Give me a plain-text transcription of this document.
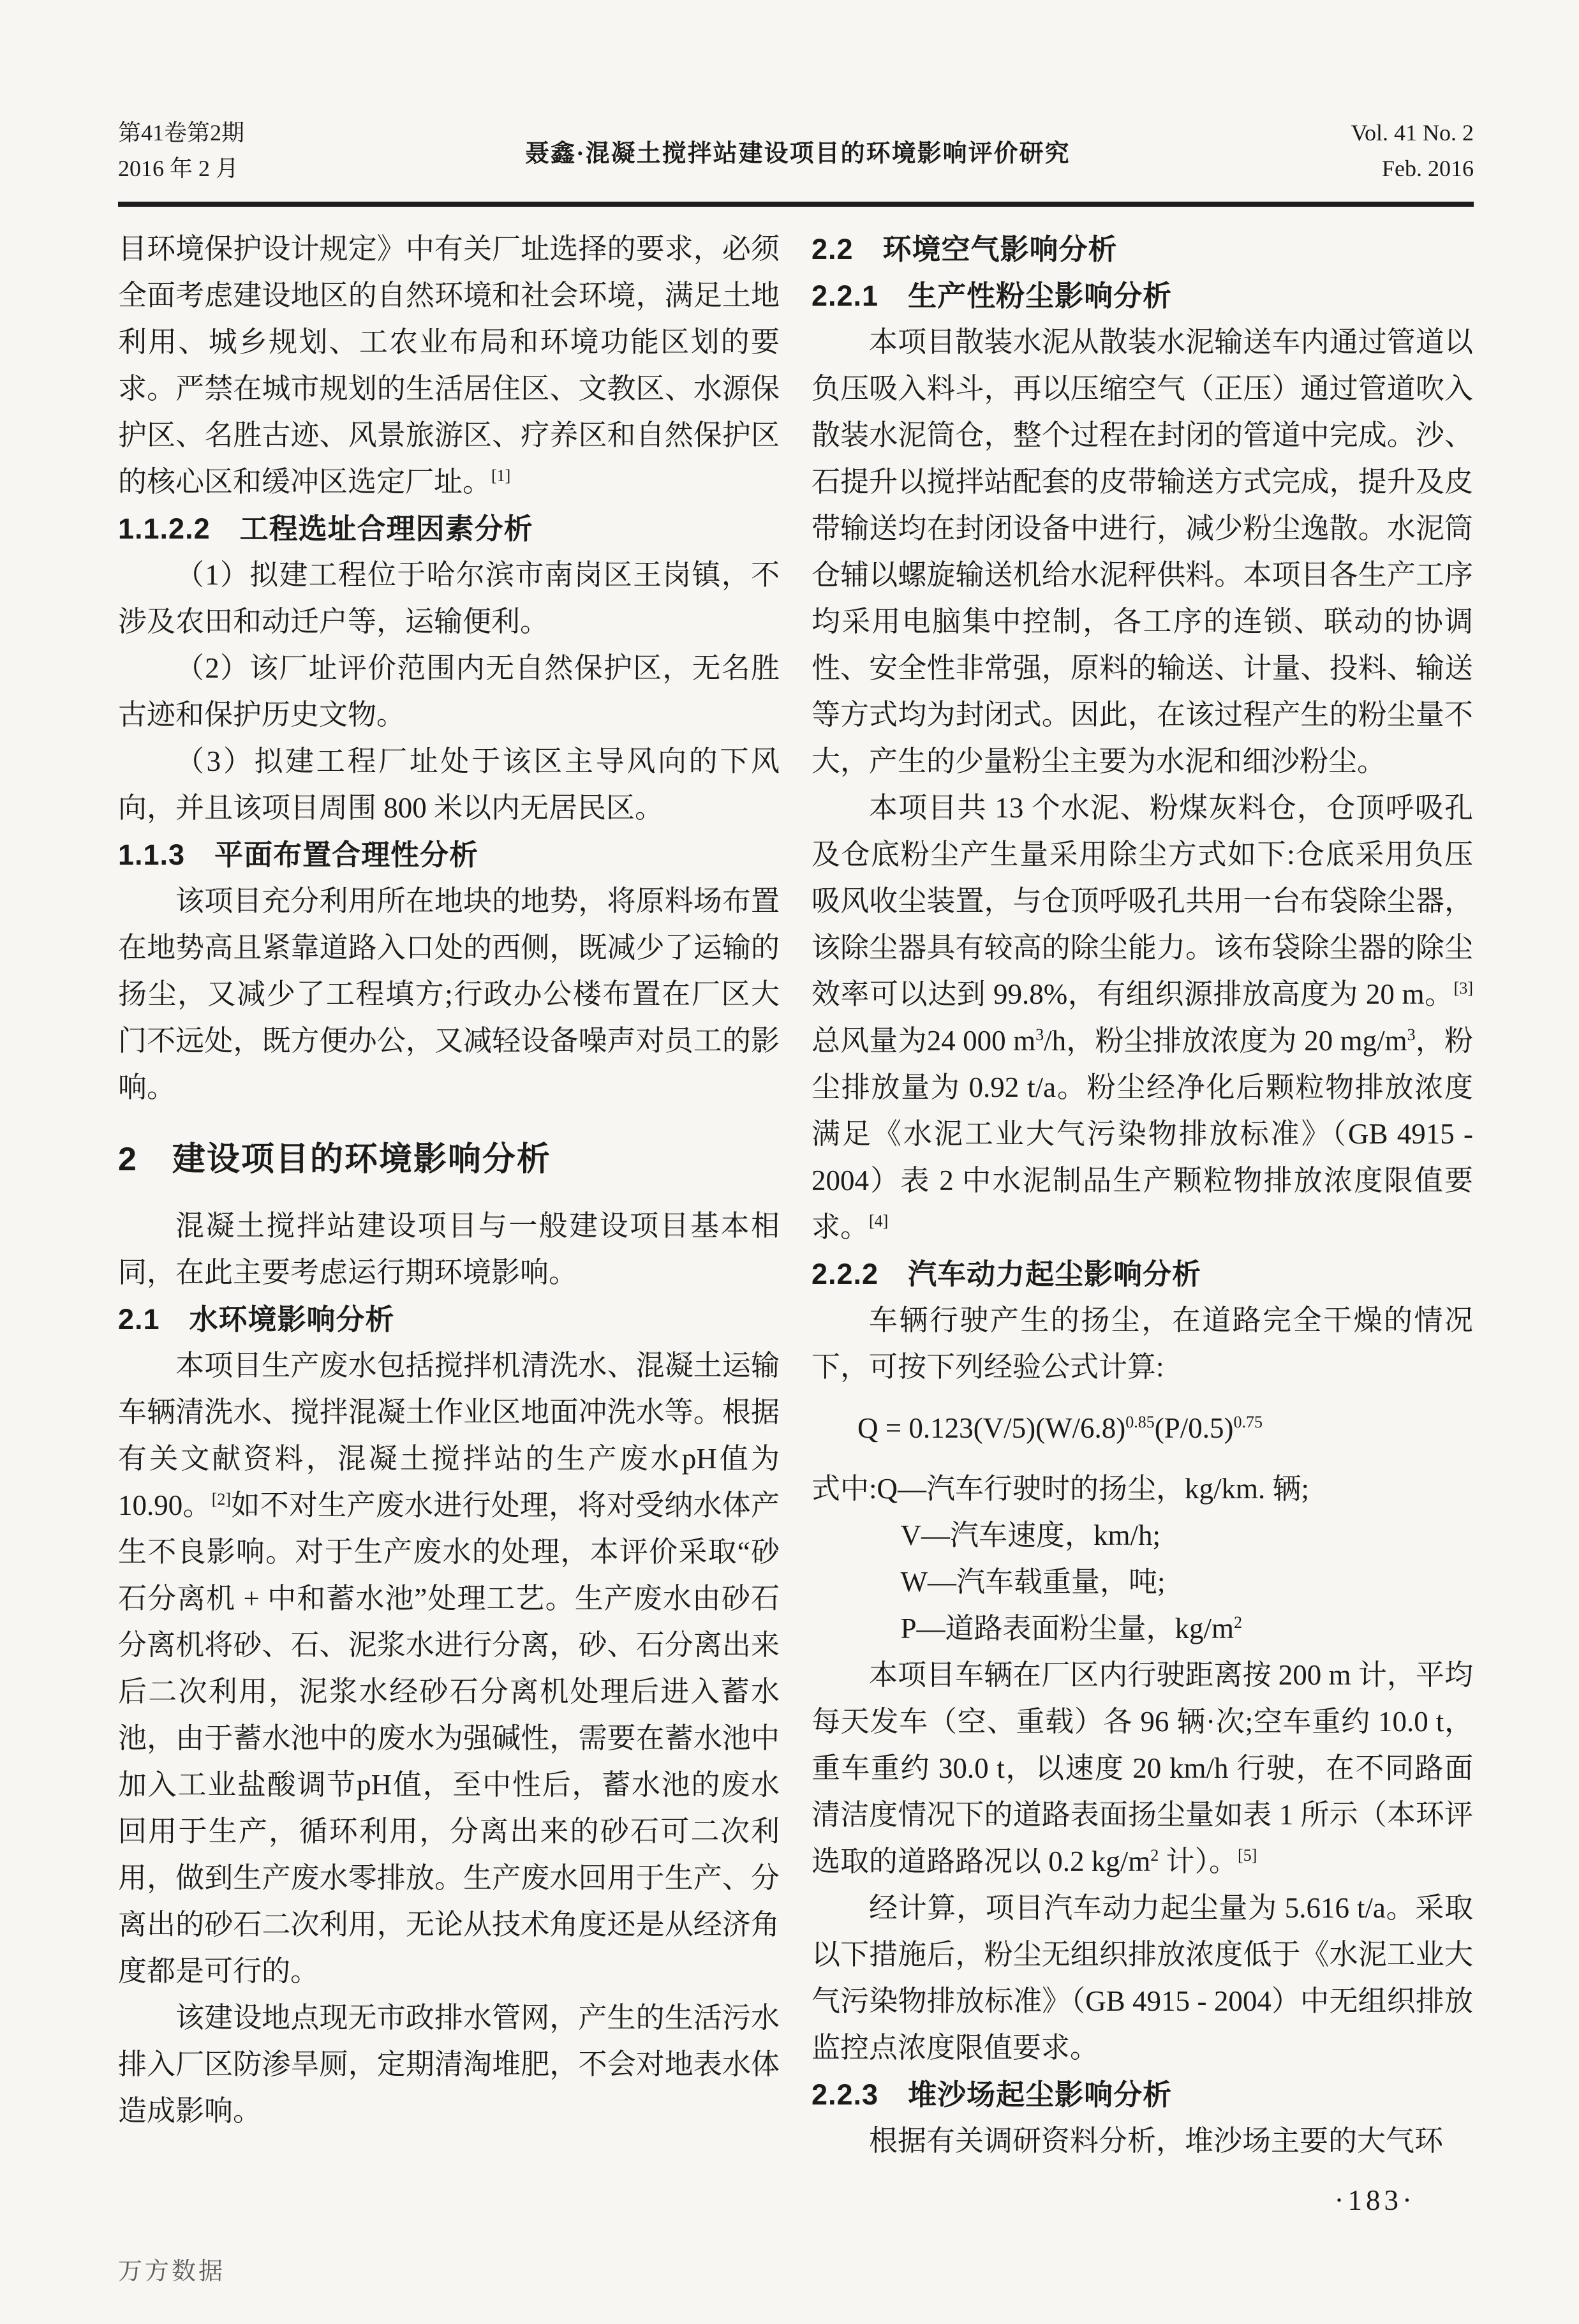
第41卷第2期
2016 年 2 月
聂鑫·混凝土搅拌站建设项目的环境影响评价研究
Vol. 41 No. 2
Feb. 2016
目环境保护设计规定》中有关厂址选择的要求，必须全面考虑建设地区的自然环境和社会环境，满足土地利用、城乡规划、工农业布局和环境功能区划的要求。严禁在城市规划的生活居住区、文教区、水源保护区、名胜古迹、风景旅游区、疗养区和自然保护区的核心区和缓冲区选定厂址。[1]
1.1.2.2　工程选址合理因素分析
（1）拟建工程位于哈尔滨市南岗区王岗镇，不涉及农田和动迁户等，运输便利。
（2）该厂址评价范围内无自然保护区，无名胜古迹和保护历史文物。
（3）拟建工程厂址处于该区主导风向的下风向，并且该项目周围 800 米以内无居民区。
1.1.3　平面布置合理性分析
该项目充分利用所在地块的地势，将原料场布置在地势高且紧靠道路入口处的西侧，既减少了运输的扬尘，又减少了工程填方;行政办公楼布置在厂区大门不远处，既方便办公，又减轻设备噪声对员工的影响。
2　建设项目的环境影响分析
混凝土搅拌站建设项目与一般建设项目基本相同，在此主要考虑运行期环境影响。
2.1　水环境影响分析
本项目生产废水包括搅拌机清洗水、混凝土运输车辆清洗水、搅拌混凝土作业区地面冲洗水等。根据有关文献资料，混凝土搅拌站的生产废水pH值为 10.90。[2]如不对生产废水进行处理，将对受纳水体产生不良影响。对于生产废水的处理，本评价采取“砂石分离机 + 中和蓄水池”处理工艺。生产废水由砂石分离机将砂、石、泥浆水进行分离，砂、石分离出来后二次利用，泥浆水经砂石分离机处理后进入蓄水池，由于蓄水池中的废水为强碱性，需要在蓄水池中加入工业盐酸调节pH值，至中性后，蓄水池的废水回用于生产，循环利用，分离出来的砂石可二次利用，做到生产废水零排放。生产废水回用于生产、分离出的砂石二次利用，无论从技术角度还是从经济角度都是可行的。
该建设地点现无市政排水管网，产生的生活污水排入厂区防渗旱厕，定期清淘堆肥，不会对地表水体造成影响。
2.2　环境空气影响分析
2.2.1　生产性粉尘影响分析
本项目散装水泥从散装水泥输送车内通过管道以负压吸入料斗，再以压缩空气（正压）通过管道吹入散装水泥筒仓，整个过程在封闭的管道中完成。沙、石提升以搅拌站配套的皮带输送方式完成，提升及皮带输送均在封闭设备中进行，减少粉尘逸散。水泥筒仓辅以螺旋输送机给水泥秤供料。本项目各生产工序均采用电脑集中控制，各工序的连锁、联动的协调性、安全性非常强，原料的输送、计量、投料、输送等方式均为封闭式。因此，在该过程产生的粉尘量不大，产生的少量粉尘主要为水泥和细沙粉尘。
本项目共 13 个水泥、粉煤灰料仓，仓顶呼吸孔及仓底粉尘产生量采用除尘方式如下:仓底采用负压吸风收尘装置，与仓顶呼吸孔共用一台布袋除尘器，该除尘器具有较高的除尘能力。该布袋除尘器的除尘效率可以达到 99.8%，有组织源排放高度为 20 m。[3]总风量为24 000 $m^3/h$，粉尘排放浓度为 20 $mg/m^3$，粉尘排放量为 0.92 t/a。粉尘经净化后颗粒物排放浓度满足《水泥工业大气污染物排放标准》（GB 4915 - 2004）表 2 中水泥制品生产颗粒物排放浓度限值要求。[4]
2.2.2　汽车动力起尘影响分析
车辆行驶产生的扬尘，在道路完全干燥的情况下，可按下列经验公式计算:
$Q = 0.123(V/5)(W/6.8)^{0.85}(P/0.5)^{0.75}$
式中:Q—汽车行驶时的扬尘，kg/km. 辆;
V—汽车速度，km/h;
W—汽车载重量，吨;
P—道路表面粉尘量，$kg/m^2$
本项目车辆在厂区内行驶距离按 200 m 计，平均每天发车（空、重载）各 96 辆·次;空车重约 10.0 t，重车重约 30.0 t，以速度 20 km/h 行驶，在不同路面清洁度情况下的道路表面扬尘量如表 1 所示（本环评选取的道路路况以 0.2 $kg/m^2$ 计）。[5]
经计算，项目汽车动力起尘量为 5.616 t/a。采取以下措施后，粉尘无组织排放浓度低于《水泥工业大气污染物排放标准》（GB 4915 - 2004）中无组织排放监控点浓度限值要求。
2.2.3　堆沙场起尘影响分析
根据有关调研资料分析，堆沙场主要的大气环
·183·
万方数据
